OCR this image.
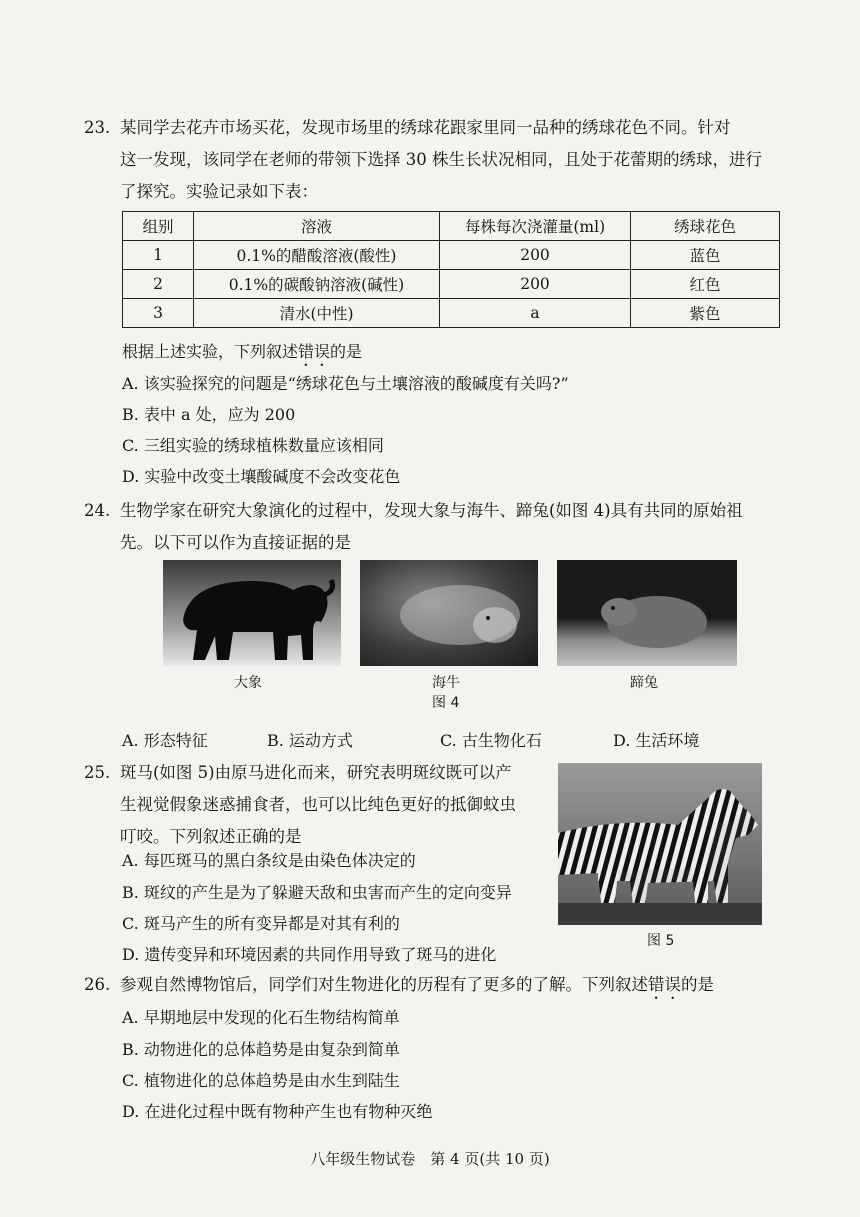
23. 某同学去花卉市场买花，发现市场里的绣球花跟家里同一品种的绣球花色不同。针对
这一发现，该同学在老师的带领下选择 30 株生长状况相同，且处于花蕾期的绣球，进行
了探究。实验记录如下表：
组别	溶液	每株每次浇灌量(ml)	绣球花色
1	0.1%的醋酸溶液(酸性)	200	蓝色
2	0.1%的碳酸钠溶液(碱性)	200	红色
3	清水(中性)	a	紫色
根据上述实验，下列叙述错误的是
A. 该实验探究的问题是“绣球花色与土壤溶液的酸碱度有关吗?”
B. 表中 a 处，应为 200
C. 三组实验的绣球植株数量应该相同
D. 实验中改变土壤酸碱度不会改变花色
24. 生物学家在研究大象演化的过程中，发现大象与海牛、蹄兔(如图 4)具有共同的原始祖
先。以下可以作为直接证据的是
大象	海牛	蹄兔
图 4
A. 形态特征	B. 运动方式	C. 古生物化石	D. 生活环境
25. 斑马(如图 5)由原马进化而来，研究表明斑纹既可以产
生视觉假象迷惑捕食者，也可以比纯色更好的抵御蚊虫
叮咬。下列叙述正确的是
图 5
A. 每匹斑马的黑白条纹是由染色体决定的
B. 斑纹的产生是为了躲避天敌和虫害而产生的定向变异
C. 斑马产生的所有变异都是对其有利的
D. 遗传变异和环境因素的共同作用导致了斑马的进化
26. 参观自然博物馆后，同学们对生物进化的历程有了更多的了解。下列叙述错误的是
A. 早期地层中发现的化石生物结构简单
B. 动物进化的总体趋势是由复杂到简单
C. 植物进化的总体趋势是由水生到陆生
D. 在进化过程中既有物种产生也有物种灭绝
八年级生物试卷　第 4 页(共 10 页)
